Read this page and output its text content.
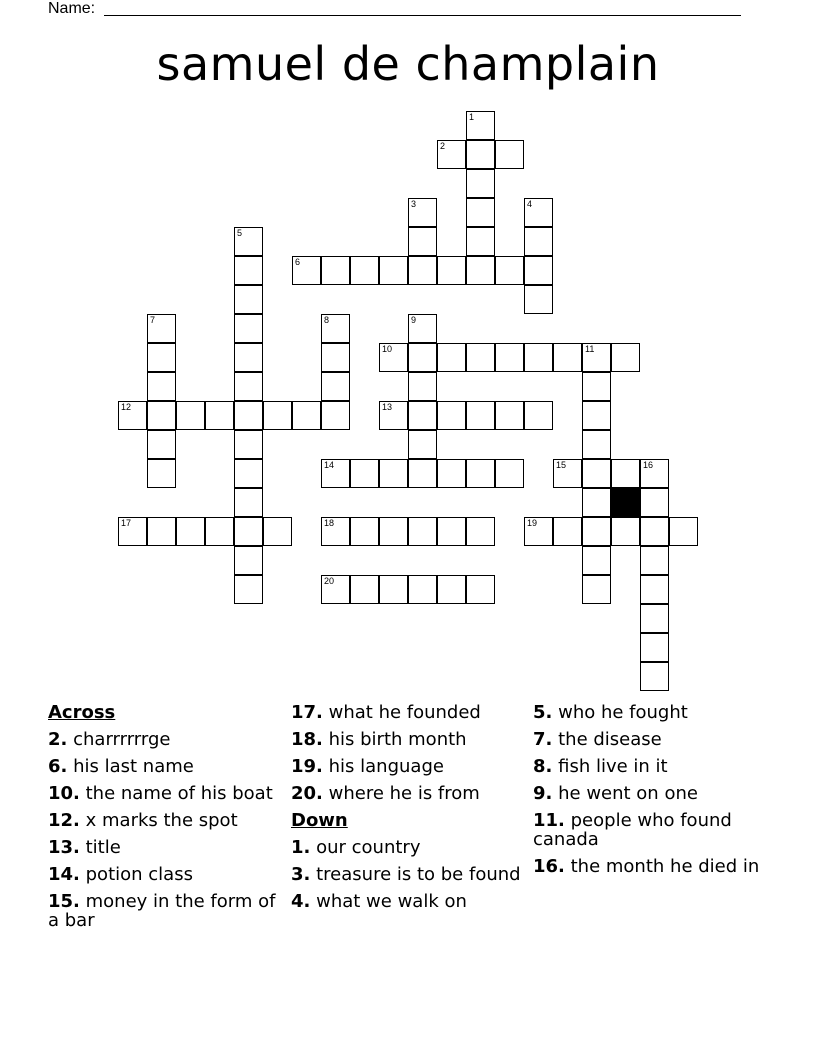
Name:
samuel de champlain
2
6
10	11
12	13
14	15
17	18	19
20
1
3	4
5
7	8	9
16
Across
2. charrrrrrge
6. his last name
10. the name of his boat
12. x marks the spot
13. title
14. potion class
15. money in the form of a bar
17. what he founded
18. his birth month
19. his language
20. where he is from
Down
1. our country
3. treasure is to be found
4. what we walk on
5. who he fought
7. the disease
8. fish live in it
9. he went on one
11. people who found canada
16. the month he died in
